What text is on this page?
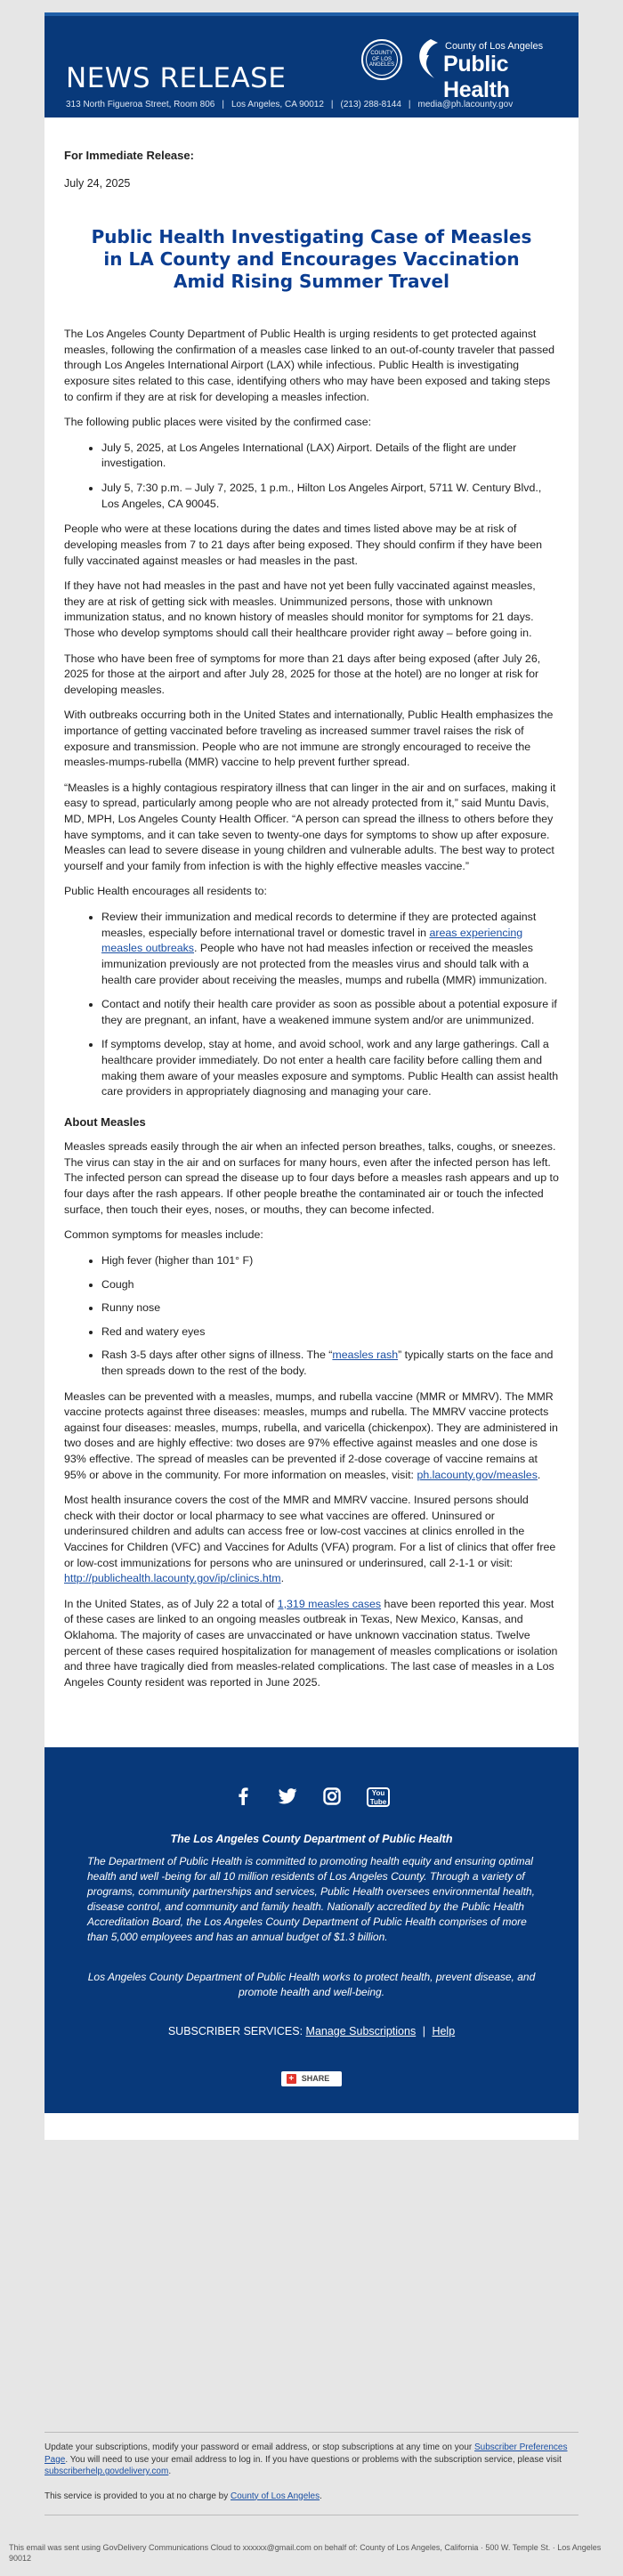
NEWS RELEASE
COUNTY OF LOS ANGELES
County of Los Angeles
Public Health
313 North Figueroa Street, Room 806 | Los Angeles, CA 90012 | (213) 288-8144 | media@ph.lacounty.gov
For Immediate Release:
July 24, 2025
Public Health Investigating Case of Measles in LA County and Encourages Vaccination Amid Rising Summer Travel

The Los Angeles County Department of Public Health is urging residents to get protected against measles, following the confirmation of a measles case linked to an out-of-county traveler that passed through Los Angeles International Airport (LAX) while infectious. Public Health is investigating exposure sites related to this case, identifying others who may have been exposed and taking steps to confirm if they are at risk for developing a measles infection.

The following public places were visited by the confirmed case:

• July 5, 2025, at Los Angeles International (LAX) Airport. Details of the flight are under investigation.
• July 5, 7:30 p.m. – July 7, 2025, 1 p.m., Hilton Los Angeles Airport, 5711 W. Century Blvd., Los Angeles, CA 90045.

People who were at these locations during the dates and times listed above may be at risk of developing measles from 7 to 21 days after being exposed. They should confirm if they have been fully vaccinated against measles or had measles in the past.

If they have not had measles in the past and have not yet been fully vaccinated against measles, they are at risk of getting sick with measles. Unimmunized persons, those with unknown immunization status, and no known history of measles should monitor for symptoms for 21 days. Those who develop symptoms should call their healthcare provider right away – before going in.

Those who have been free of symptoms for more than 21 days after being exposed (after July 26, 2025 for those at the airport and after July 28, 2025 for those at the hotel) are no longer at risk for developing measles.

With outbreaks occurring both in the United States and internationally, Public Health emphasizes the importance of getting vaccinated before traveling as increased summer travel raises the risk of exposure and transmission. People who are not immune are strongly encouraged to receive the measles-mumps-rubella (MMR) vaccine to help prevent further spread.

“Measles is a highly contagious respiratory illness that can linger in the air and on surfaces, making it easy to spread, particularly among people who are not already protected from it,” said Muntu Davis, MD, MPH, Los Angeles County Health Officer. “A person can spread the illness to others before they have symptoms, and it can take seven to twenty-one days for symptoms to show up after exposure. Measles can lead to severe disease in young children and vulnerable adults. The best way to protect yourself and your family from infection is with the highly effective measles vaccine.”

Public Health encourages all residents to:

• Review their immunization and medical records to determine if they are protected against measles, especially before international travel or domestic travel in areas experiencing measles outbreaks. People who have not had measles infection or received the measles immunization previously are not protected from the measles virus and should talk with a health care provider about receiving the measles, mumps and rubella (MMR) immunization.
• Contact and notify their health care provider as soon as possible about a potential exposure if they are pregnant, an infant, have a weakened immune system and/or are unimmunized.
• If symptoms develop, stay at home, and avoid school, work and any large gatherings. Call a healthcare provider immediately. Do not enter a health care facility before calling them and making them aware of your measles exposure and symptoms. Public Health can assist health care providers in appropriately diagnosing and managing your care.
About Measles

Measles spreads easily through the air when an infected person breathes, talks, coughs, or sneezes. The virus can stay in the air and on surfaces for many hours, even after the infected person has left. The infected person can spread the disease up to four days before a measles rash appears and up to four days after the rash appears. If other people breathe the contaminated air or touch the infected surface, then touch their eyes, noses, or mouths, they can become infected.

Common symptoms for measles include:

• High fever (higher than 101° F)
• Cough
• Runny nose
• Red and watery eyes
• Rash 3-5 days after other signs of illness. The “measles rash” typically starts on the face and then spreads down to the rest of the body.

Measles can be prevented with a measles, mumps, and rubella vaccine (MMR or MMRV). The MMR vaccine protects against three diseases: measles, mumps and rubella. The MMRV vaccine protects against four diseases: measles, mumps, rubella, and varicella (chickenpox). They are administered in two doses and are highly effective: two doses are 97% effective against measles and one dose is 93% effective. The spread of measles can be prevented if 2-dose coverage of vaccine remains at 95% or above in the community. For more information on measles, visit: ph.lacounty.gov/measles.

Most health insurance covers the cost of the MMR and MMRV vaccine. Insured persons should check with their doctor or local pharmacy to see what vaccines are offered. Uninsured or underinsured children and adults can access free or low-cost vaccines at clinics enrolled in the Vaccines for Children (VFC) and Vaccines for Adults (VFA) program. For a list of clinics that offer free or low-cost immunizations for persons who are uninsured or underinsured, call 2-1-1 or visit: http://publichealth.lacounty.gov/ip/clinics.htm.

In the United States, as of July 22 a total of 1,319 measles cases have been reported this year. Most of these cases are linked to an ongoing measles outbreak in Texas, New Mexico, Kansas, and Oklahoma. The majority of cases are unvaccinated or have unknown vaccination status. Twelve percent of these cases required hospitalization for management of measles complications or isolation and three have tragically died from measles-related complications. The last case of measles in a Los Angeles County resident was reported in June 2025.

You Tube
The Los Angeles County Department of Public Health
The Department of Public Health is committed to promoting health equity and ensuring optimal health and well -being for all 10 million residents of Los Angeles County. Through a variety of programs, community partnerships and services, Public Health oversees environmental health, disease control, and community and family health. Nationally accredited by the Public Health Accreditation Board, the Los Angeles County Department of Public Health comprises of more than 5,000 employees and has an annual budget of $1.3 billion.
Los Angeles County Department of Public Health works to protect health, prevent disease, and promote health and well-being.
SUBSCRIBER SERVICES: Manage Subscriptions | Help
+ SHARE

Update your subscriptions, modify your password or email address, or stop subscriptions at any time on your Subscriber Preferences Page. You will need to use your email address to log in. If you have questions or problems with the subscription service, please visit subscriberhelp.govdelivery.com.

This service is provided to you at no charge by County of Los Angeles.

This email was sent using GovDelivery Communications Cloud to xxxxxx@gmail.com on behalf of: County of Los Angeles, California · 500 W. Temple St. · Los Angeles 90012
